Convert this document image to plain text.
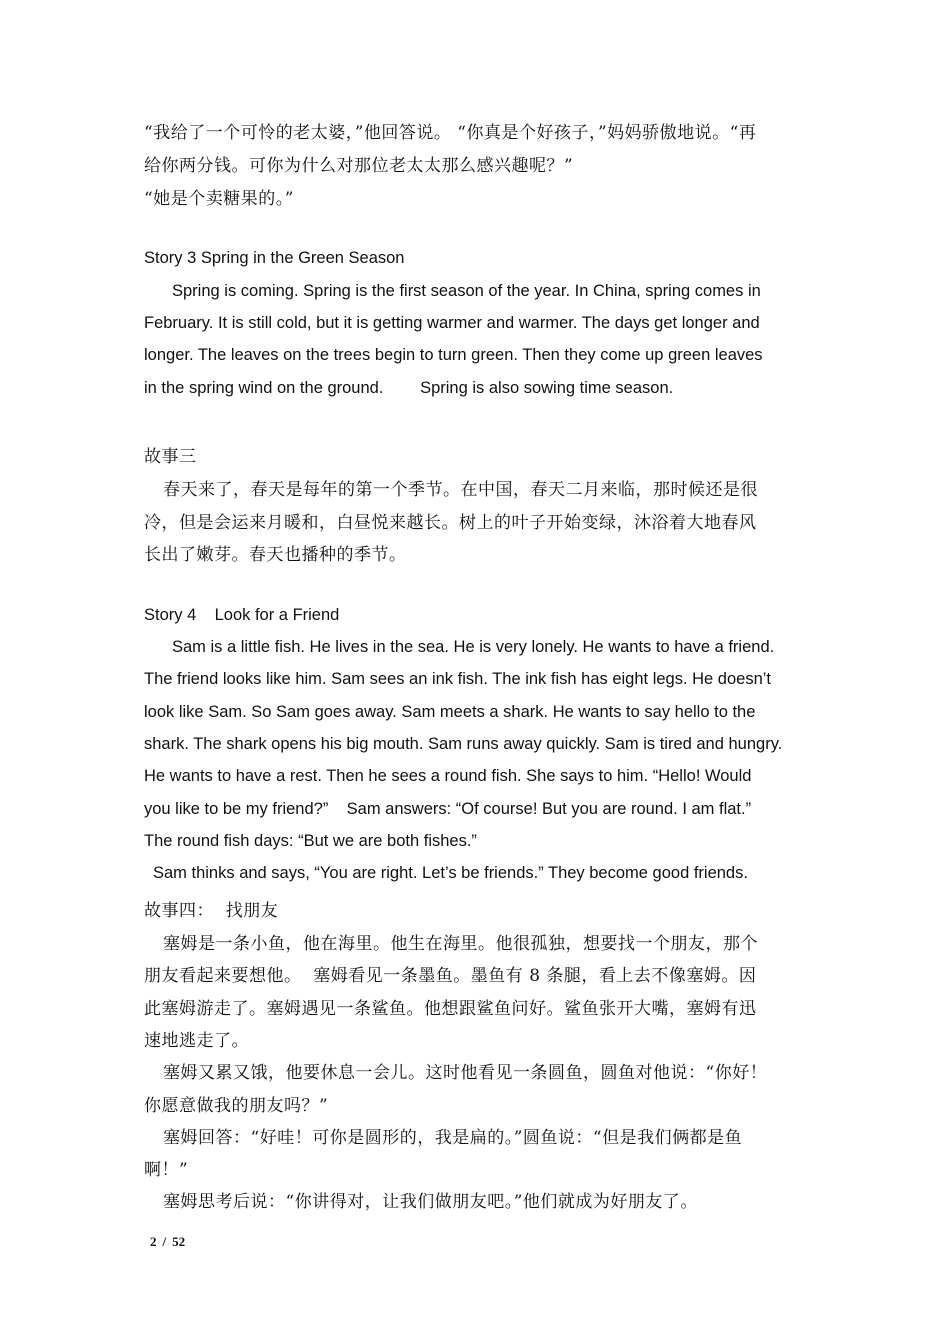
“我给了一个可怜的老太婆，”他回答说。 “你真是个好孩子，”妈妈骄傲地说。“再
给你两分钱。可你为什么对那位老太太那么感兴趣呢？”
“她是个卖糖果的。”
Story 3 Spring in the Green Season
Spring is coming. Spring is the first season of the year. In China, spring comes in
February. It is still cold, but it is getting warmer and warmer. The days get longer and
longer. The leaves on the trees begin to turn green. Then they come up green leaves
in the spring wind on the ground.        Spring is also sowing time season.
故事三
春天来了，春天是每年的第一个季节。在中国，春天二月来临，那时候还是很
冷，但是会运来月暖和，白昼悦来越长。树上的叶子开始变绿，沐浴着大地春风
长出了嫩芽。春天也播种的季节。
Story 4    Look for a Friend
Sam is a little fish. He lives in the sea. He is very lonely. He wants to have a friend.
The friend looks like him. Sam sees an ink fish. The ink fish has eight legs. He doesn’t
look like Sam. So Sam goes away. Sam meets a shark. He wants to say hello to the
shark. The shark opens his big mouth. Sam runs away quickly. Sam is tired and hungry.
He wants to have a rest. Then he sees a round fish. She says to him. “Hello! Would
you like to be my friend?”    Sam answers: “Of course! But you are round. I am flat.”
The round fish days: “But we are both fishes.”
Sam thinks and says, “You are right. Let’s be friends.” They become good friends.
故事四：  找朋友
塞姆是一条小鱼，他在海里。他生在海里。他很孤独，想要找一个朋友，那个
朋友看起来要想他。  塞姆看见一条墨鱼。墨鱼有 8 条腿，看上去不像塞姆。因
此塞姆游走了。塞姆遇见一条鲨鱼。他想跟鲨鱼问好。鲨鱼张开大嘴，塞姆有迅
速地逃走了。
塞姆又累又饿，他要休息一会儿。这时他看见一条圆鱼，圆鱼对他说：“你好！
你愿意做我的朋友吗？”
塞姆回答：“好哇！可你是圆形的，我是扁的。”圆鱼说：“但是我们俩都是鱼
啊！”
塞姆思考后说：“你讲得对，让我们做朋友吧。”他们就成为好朋友了。
2 / 52
